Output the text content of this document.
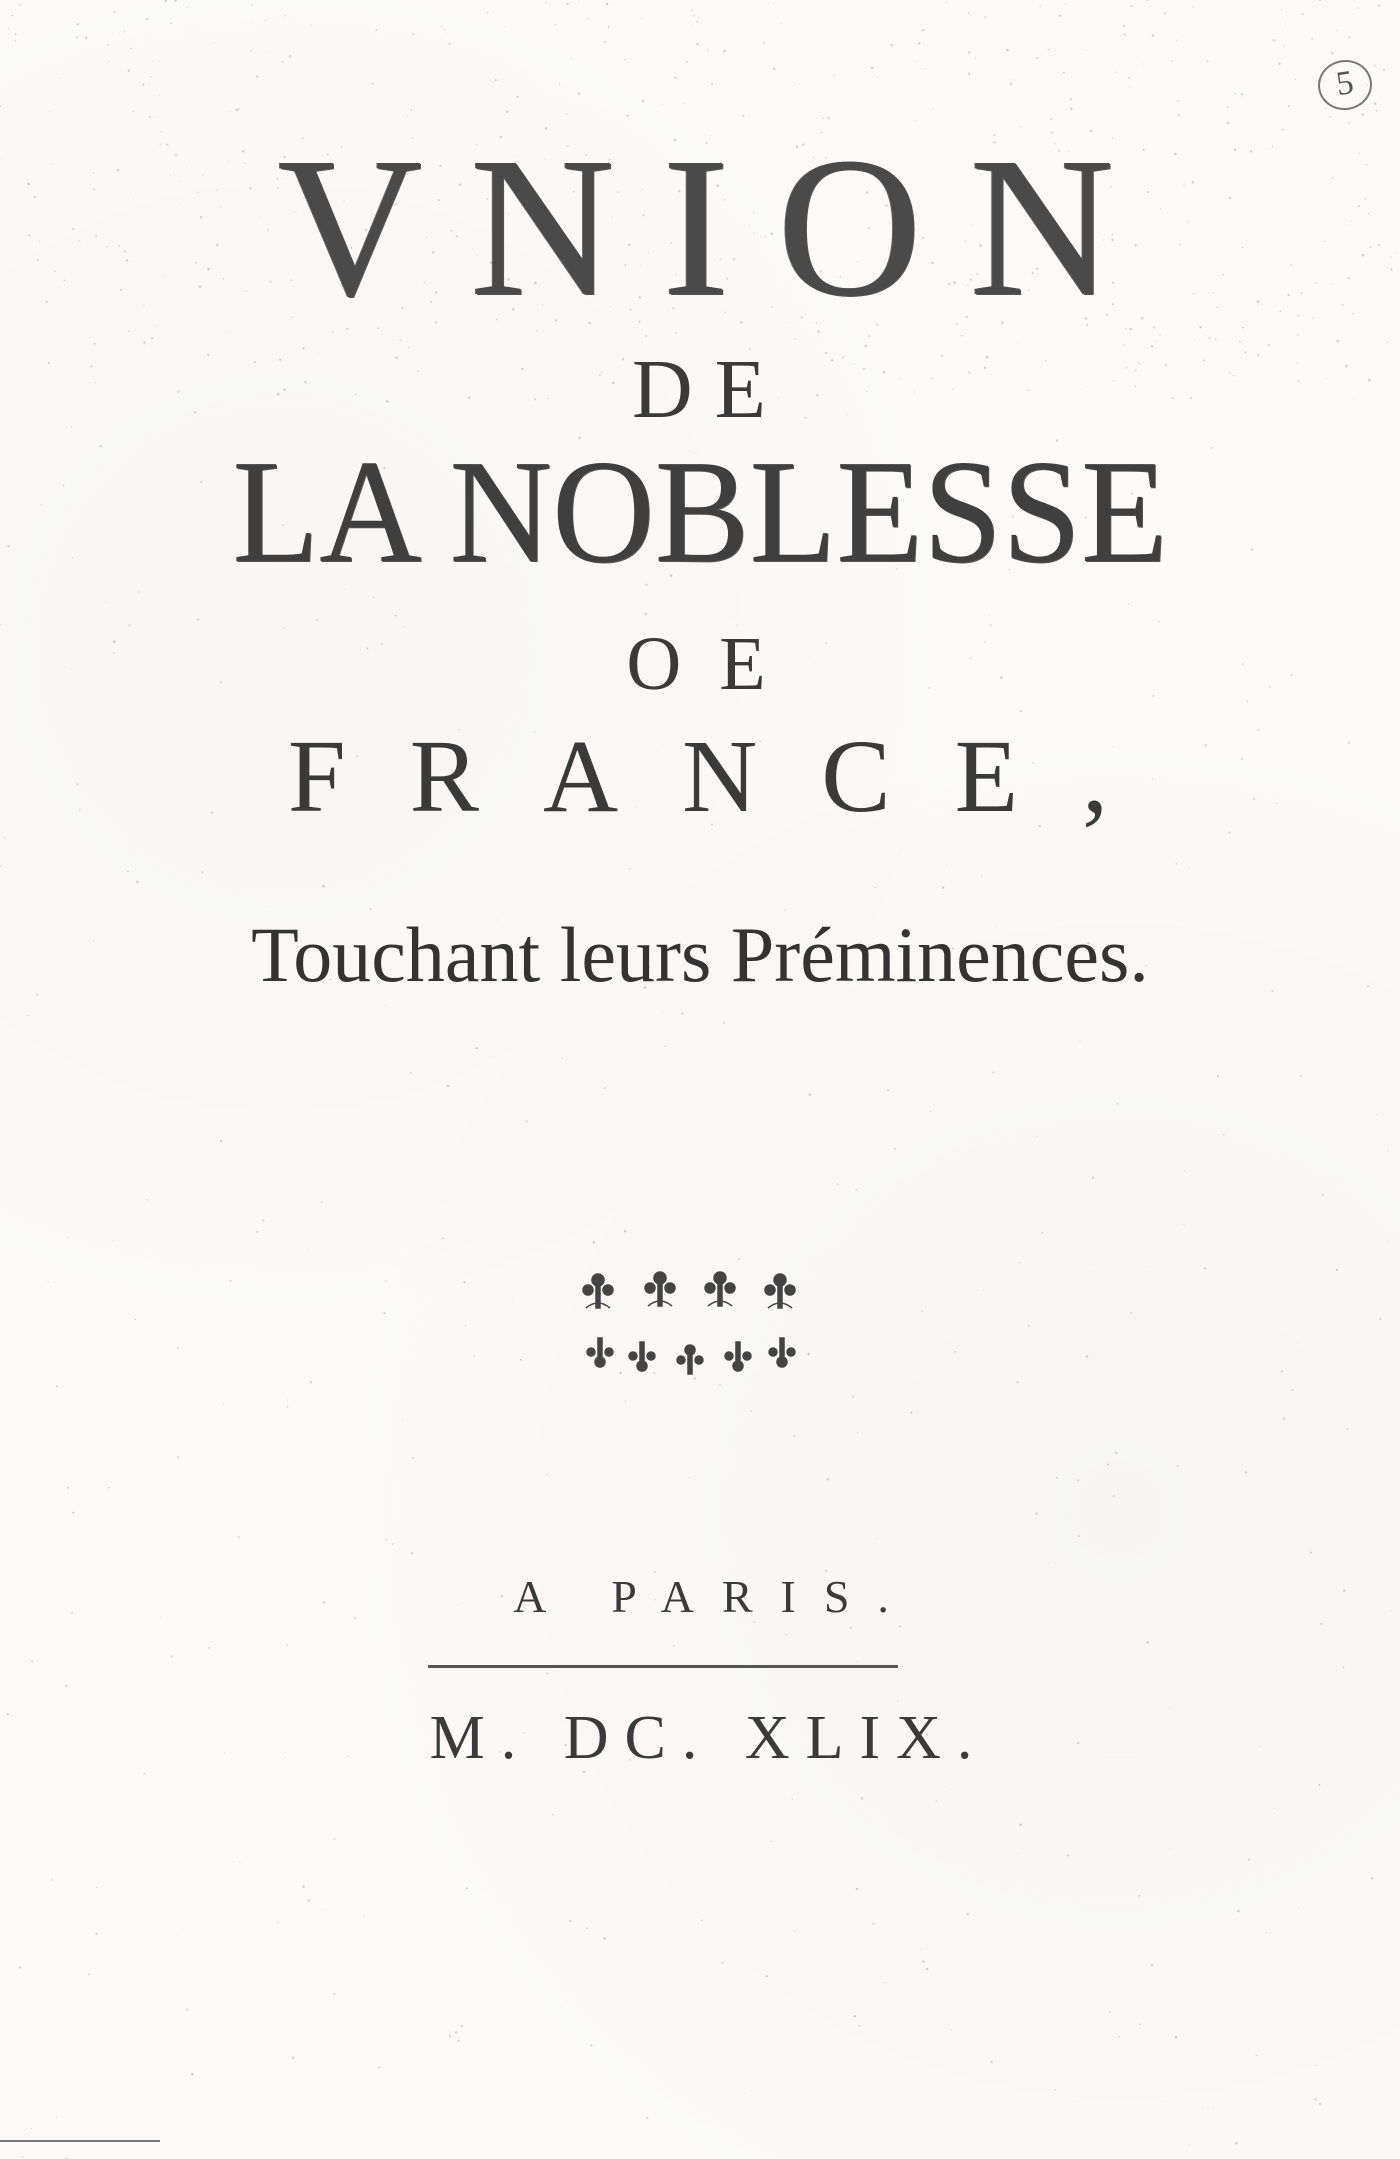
5
VNION
DE
LA NOBLESSE
OE
FRANCE,
Touchant leurs Préminences.
A PARIS.
M. DC. XLIX.
